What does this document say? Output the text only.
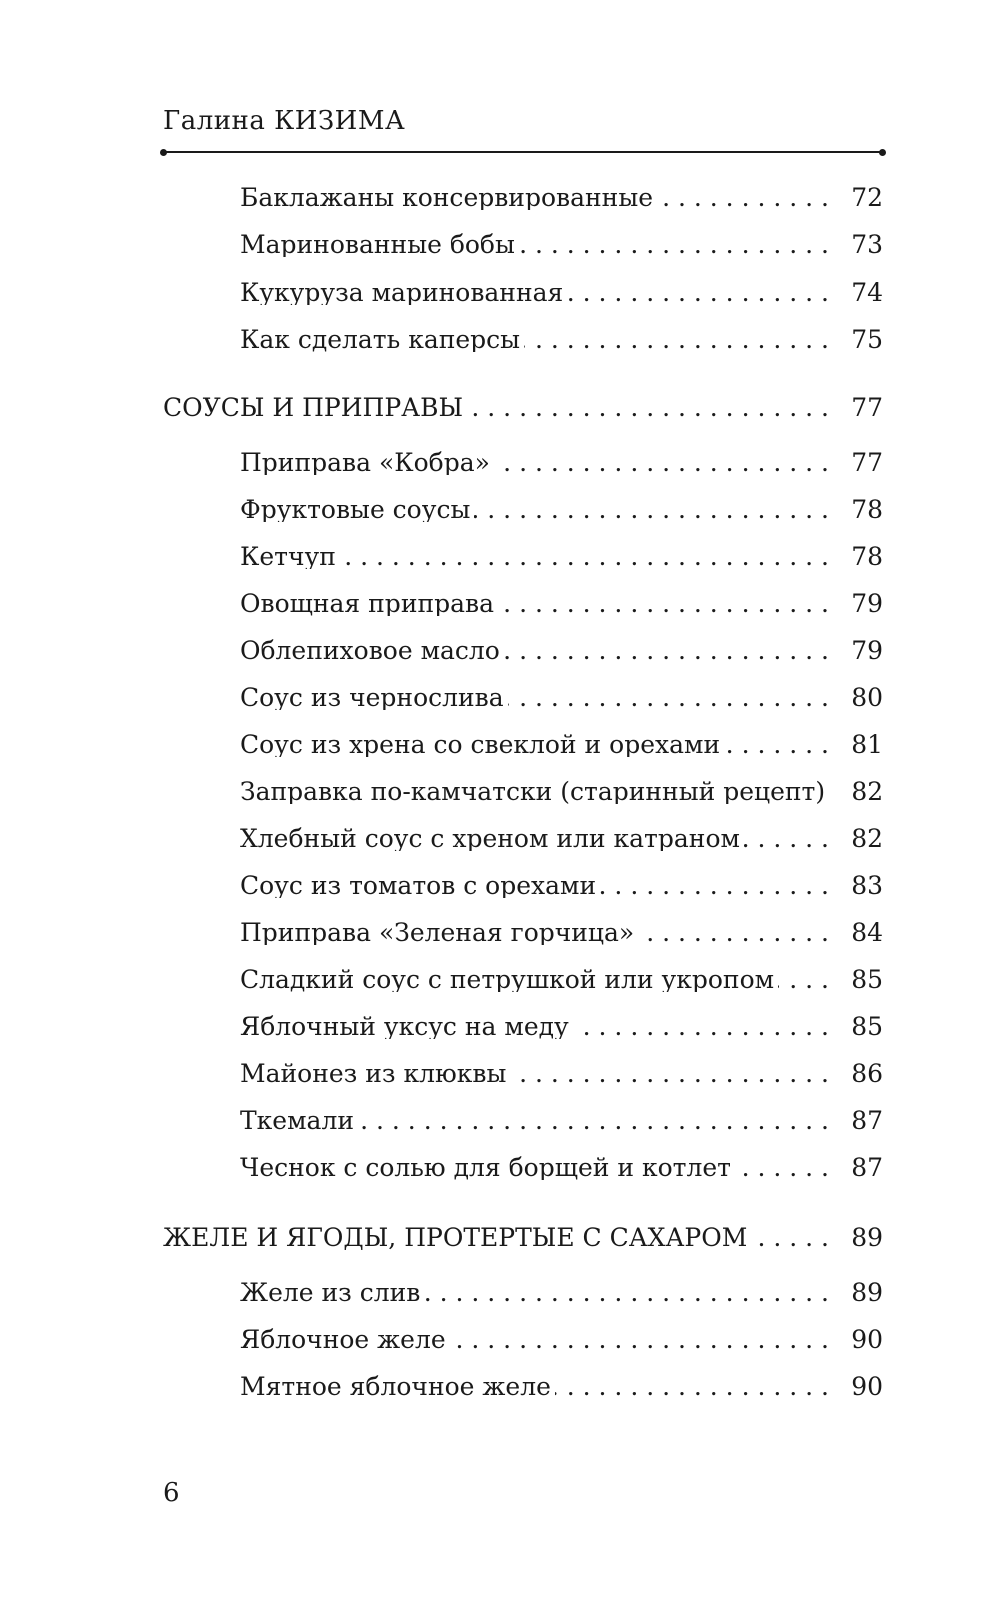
Галина КИЗИМА
Баклажаны консервированные . . .	72
Маринованные бобы . . .	73
Кукуруза маринованная . . .	74
Как сделать каперсы . . .	75
СОУСЫ И ПРИПРАВЫ . . .	77
Приправа «Кобра» . . .	77
Фруктовые соусы . . .	78
Кетчуп . . .	78
Овощная приправа . . .	79
Облепиховое масло . . .	79
Соус из чернослива . . .	80
Соус из хрена со свеклой и орехами . . .	81
Заправка по-камчатски (старинный рецепт)	82
Хлебный соус с хреном или катраном . . .	82
Соус из томатов с орехами . . .	83
Приправа «Зеленая горчица» . . .	84
Сладкий соус с петрушкой или укропом . . .	85
Яблочный уксус на меду . . .	85
Майонез из клюквы . . .	86
Ткемали . . .	87
Чеснок с солью для борщей и котлет . . .	87
ЖЕЛЕ И ЯГОДЫ, ПРОТЕРТЫЕ С САХАРОМ . . .	89
Желе из слив . . .	89
Яблочное желе . . .	90
Мятное яблочное желе . . .	90
6
